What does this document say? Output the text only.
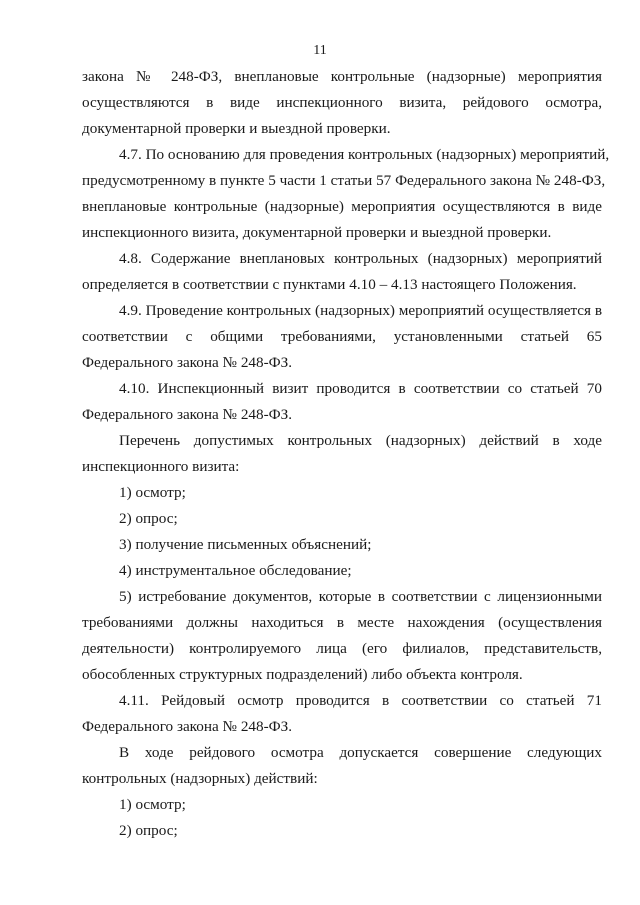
11
закона № 248-ФЗ, внеплановые контрольные (надзорные) мероприятия
осуществляются в виде инспекционного визита, рейдового осмотра,
документарной проверки и выездной проверки.
4.7. По основанию для проведения контрольных (надзорных) мероприятий,
предусмотренному в пункте 5 части 1 статьи 57 Федерального закона № 248-ФЗ,
внеплановые контрольные (надзорные) мероприятия осуществляются в виде
инспекционного визита, документарной проверки и выездной проверки.
4.8. Содержание внеплановых контрольных (надзорных) мероприятий
определяется в соответствии с пунктами 4.10 – 4.13 настоящего Положения.
4.9. Проведение контрольных (надзорных) мероприятий осуществляется в
соответствии с общими требованиями, установленными статьей 65
Федерального закона № 248-ФЗ.
4.10. Инспекционный визит проводится в соответствии со статьей 70
Федерального закона № 248-ФЗ.
Перечень допустимых контрольных (надзорных) действий в ходе
инспекционного визита:
1) осмотр;
2) опрос;
3) получение письменных объяснений;
4) инструментальное обследование;
5) истребование документов, которые в соответствии с лицензионными
требованиями должны находиться в месте нахождения (осуществления
деятельности) контролируемого лица (его филиалов, представительств,
обособленных структурных подразделений) либо объекта контроля.
4.11. Рейдовый осмотр проводится в соответствии со статьей 71
Федерального закона № 248-ФЗ.
В ходе рейдового осмотра допускается совершение следующих
контрольных (надзорных) действий:
1) осмотр;
2) опрос;
